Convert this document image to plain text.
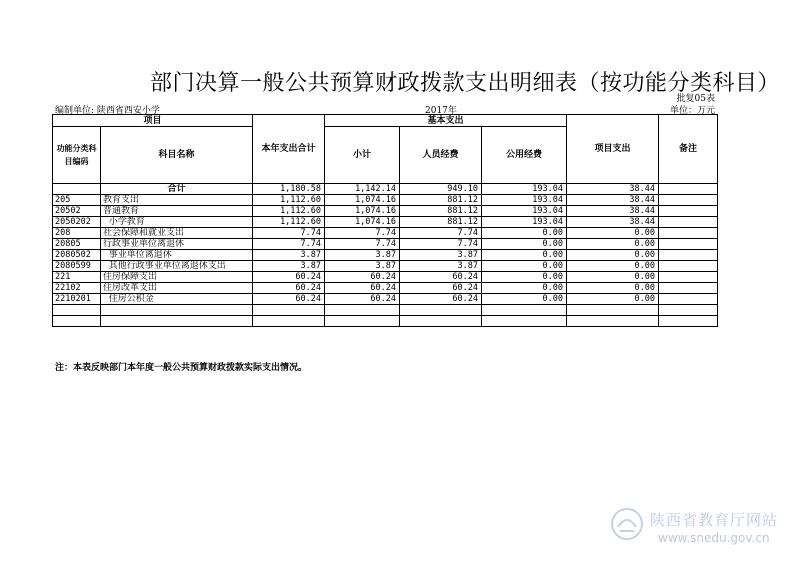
部门决算一般公共预算财政拨款支出明细表（按功能分类科目）
批复05表
编制单位: 陕西省西安小学	2017年	单位：万元
项目		本年支出合计	基本支出			项目支出	备注
功能分类科目编码	科目名称		小计	人员经费	公用经费		
	合计	1,180.58	1,142.14	949.10	193.04	38.44	
205	教育支出	1,112.60	1,074.16	881.12	193.04	38.44	
20502	普通教育	1,112.60	1,074.16	881.12	193.04	38.44	
2050202	小学教育	1,112.60	1,074.16	881.12	193.04	38.44	
208	社会保障和就业支出	7.74	7.74	7.74	0.00	0.00	
20805	行政事业单位离退休	7.74	7.74	7.74	0.00	0.00	
2080502	事业单位离退休	3.87	3.87	3.87	0.00	0.00	
2080599	其他行政事业单位离退休支出	3.87	3.87	3.87	0.00	0.00	
221	住房保障支出	60.24	60.24	60.24	0.00	0.00	
22102	住房改革支出	60.24	60.24	60.24	0.00	0.00	
2210201	住房公积金	60.24	60.24	60.24	0.00	0.00	

注：本表反映部门本年度一般公共预算财政拨款实际支出情况。
陕西省教育厅网站
www.snedu.gov.cn
